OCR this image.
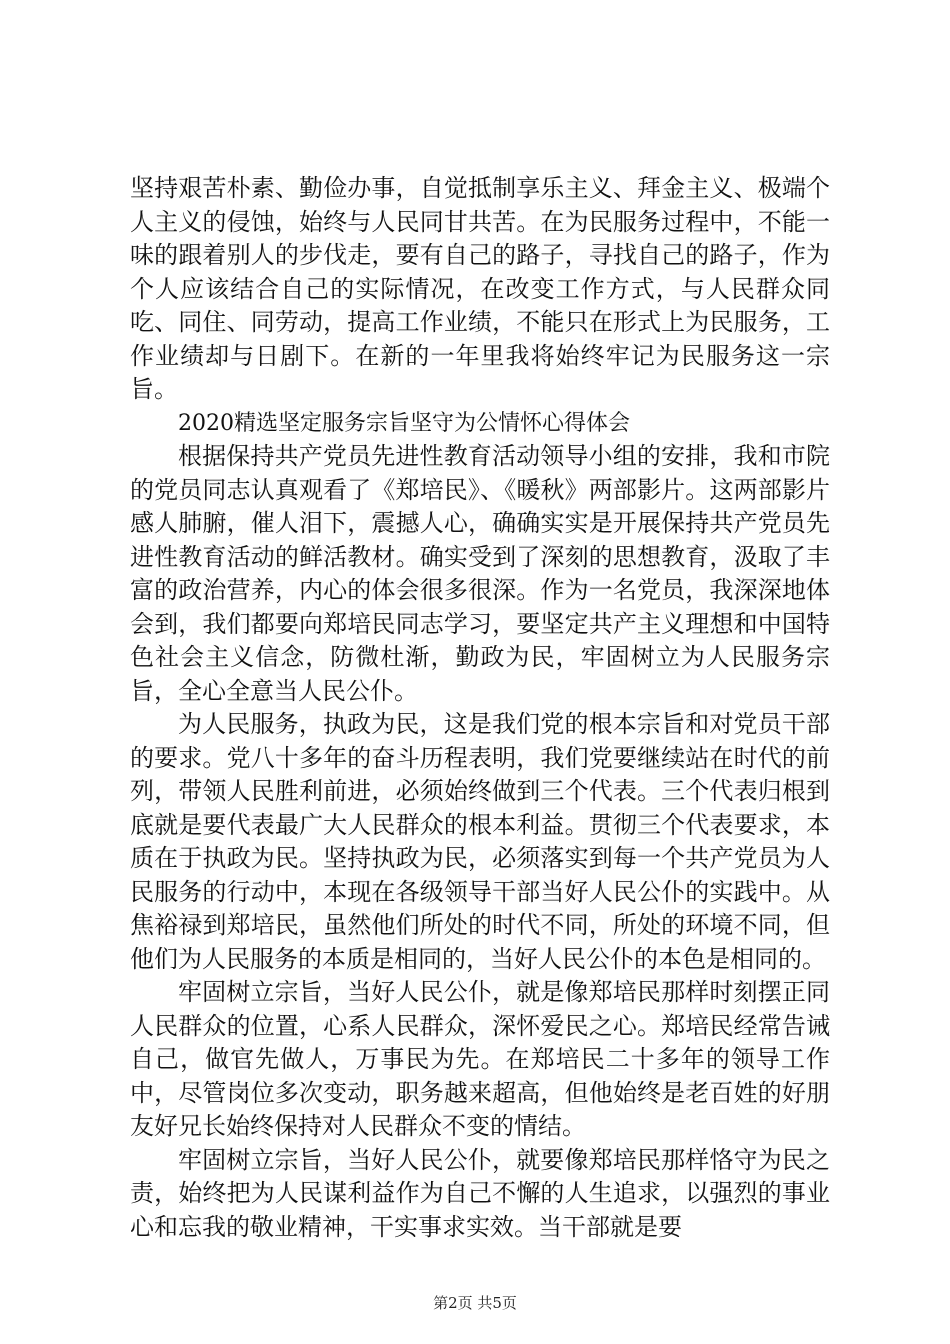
坚持艰苦朴素、勤俭办事，自觉抵制享乐主义、拜金主义、极端个人主义的侵蚀，始终与人民同甘共苦。在为民服务过程中，不能一味的跟着别人的步伐走，要有自己的路子，寻找自己的路子，作为个人应该结合自己的实际情况，在改变工作方式，与人民群众同吃、同住、同劳动，提高工作业绩，不能只在形式上为民服务，工作业绩却与日剧下。在新的一年里我将始终牢记为民服务这一宗旨。

2020精选坚定服务宗旨坚守为公情怀心得体会

根据保持共产党员先进性教育活动领导小组的安排，我和市院的党员同志认真观看了《郑培民》、《暖秋》两部影片。这两部影片感人肺腑，催人泪下，震撼人心，确确实实是开展保持共产党员先进性教育活动的鲜活教材。确实受到了深刻的思想教育，汲取了丰富的政治营养，内心的体会很多很深。作为一名党员，我深深地体会到，我们都要向郑培民同志学习，要坚定共产主义理想和中国特色社会主义信念，防微杜渐，勤政为民，牢固树立为人民服务宗旨，全心全意当人民公仆。

为人民服务，执政为民，这是我们党的根本宗旨和对党员干部的要求。党八十多年的奋斗历程表明，我们党要继续站在时代的前列，带领人民胜利前进，必须始终做到三个代表。三个代表归根到底就是要代表最广大人民群众的根本利益。贯彻三个代表要求，本质在于执政为民。坚持执政为民，必须落实到每一个共产党员为人民服务的行动中，本现在各级领导干部当好人民公仆的实践中。从焦裕禄到郑培民，虽然他们所处的时代不同，所处的环境不同，但他们为人民服务的本质是相同的，当好人民公仆的本色是相同的。

牢固树立宗旨，当好人民公仆，就是像郑培民那样时刻摆正同人民群众的位置，心系人民群众，深怀爱民之心。郑培民经常告诫自己，做官先做人，万事民为先。在郑培民二十多年的领导工作中，尽管岗位多次变动，职务越来超高，但他始终是老百姓的好朋友好兄长始终保持对人民群众不变的情结。

牢固树立宗旨，当好人民公仆，就要像郑培民那样恪守为民之责，始终把为人民谋利益作为自己不懈的人生追求，以强烈的事业心和忘我的敬业精神，干实事求实效。当干部就是要

第2页 共5页
